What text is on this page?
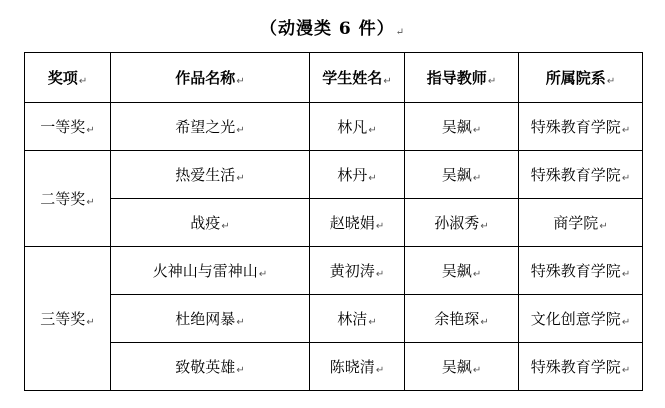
（动漫类 6 件）↵
奖项↵	作品名称↵	学生姓名↵	指导教师↵	所属院系↵
一等奖↵	希望之光↵	林凡↵	吴飙↵	特殊教育学院↵
二等奖↵	热爱生活↵	林丹↵	吴飙↵	特殊教育学院↵
	战疫↵	赵晓娟↵	孙淑秀↵	商学院↵
三等奖↵	火神山与雷神山↵	黄初涛↵	吴飙↵	特殊教育学院↵
	杜绝网暴↵	林洁↵	余艳琛↵	文化创意学院↵
	致敬英雄↵	陈晓清↵	吴飙↵	特殊教育学院↵
